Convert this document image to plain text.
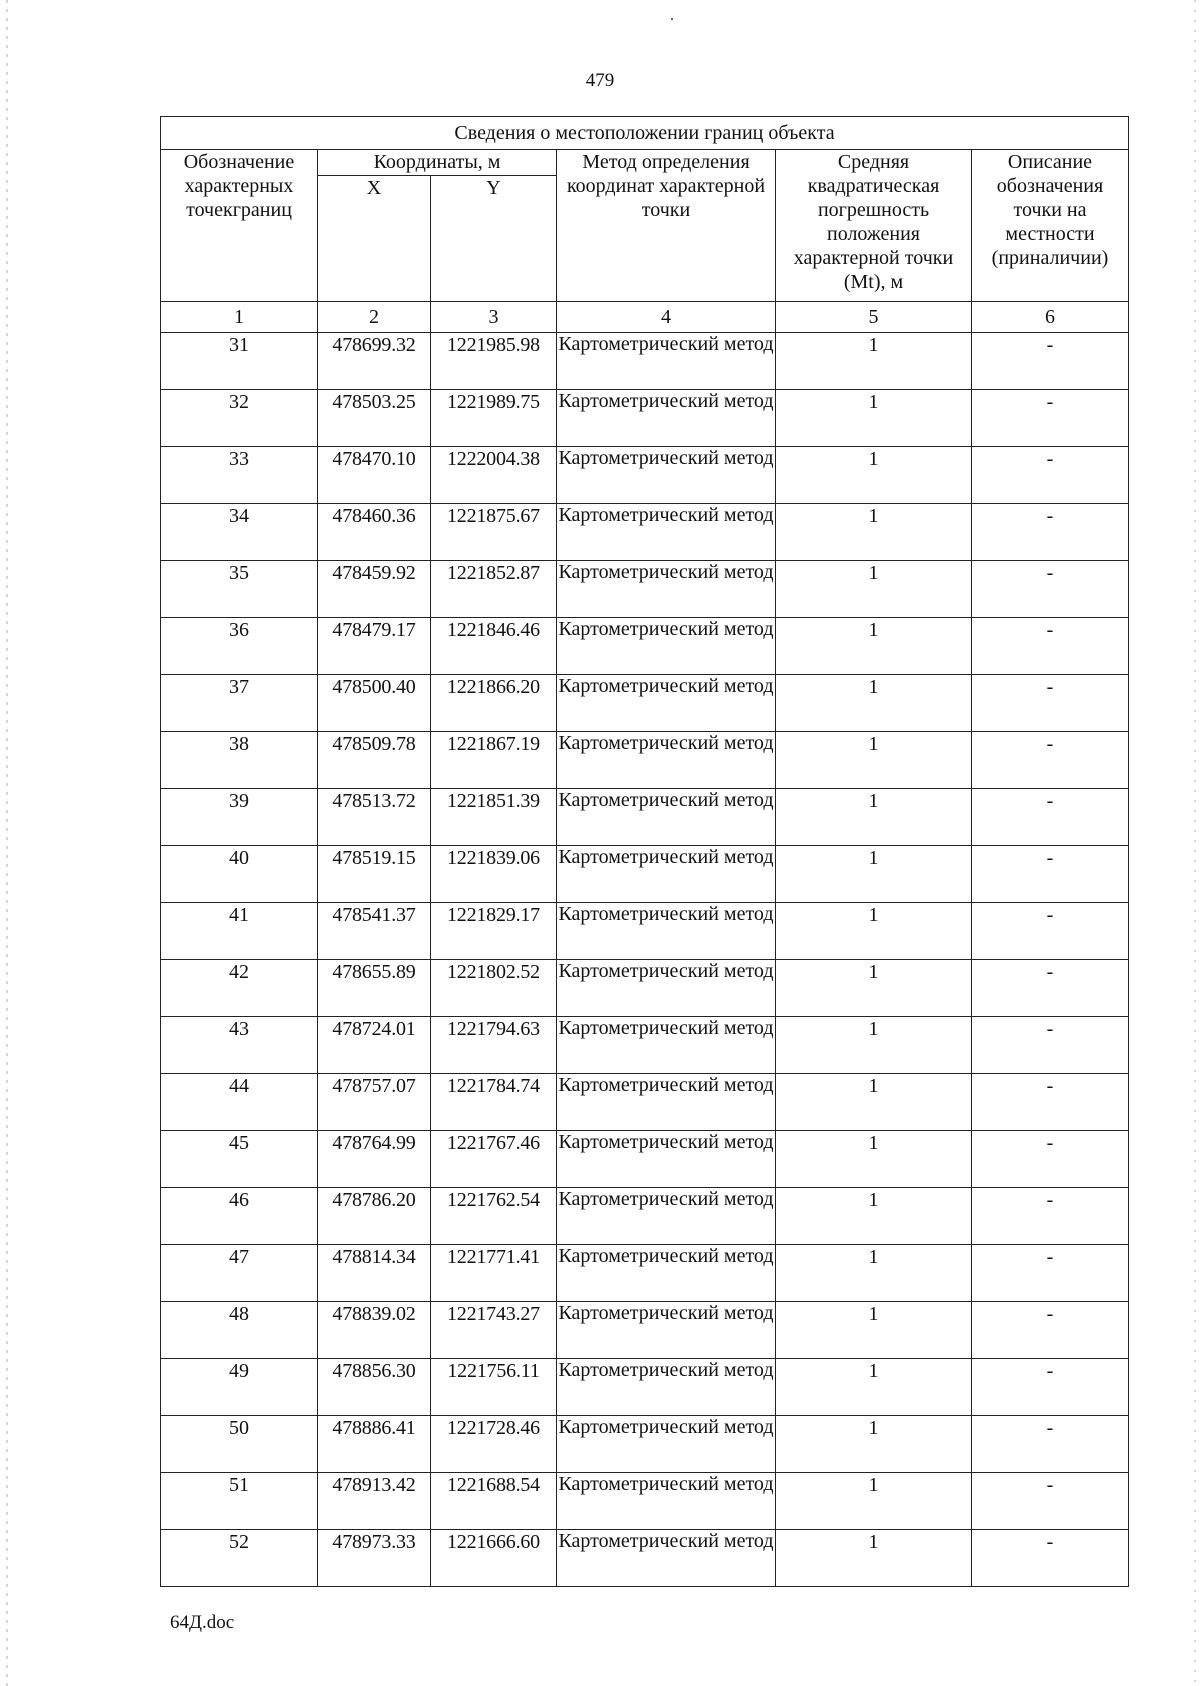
479
Сведения о местоположении границ объекта					
Обозначение характерных точекграниц	Координаты, м		Метод определения координат характерной точки	Средняя квадратическая погрешность положения характерной точки (Mt), м	Описание обозначения точки на местности (приналичии)
	X	Y			
1	2	3	4	5	6
31	478699.32	1221985.98	Картометрический метод	1	-
32	478503.25	1221989.75	Картометрический метод	1	-
33	478470.10	1222004.38	Картометрический метод	1	-
34	478460.36	1221875.67	Картометрический метод	1	-
35	478459.92	1221852.87	Картометрический метод	1	-
36	478479.17	1221846.46	Картометрический метод	1	-
37	478500.40	1221866.20	Картометрический метод	1	-
38	478509.78	1221867.19	Картометрический метод	1	-
39	478513.72	1221851.39	Картометрический метод	1	-
40	478519.15	1221839.06	Картометрический метод	1	-
41	478541.37	1221829.17	Картометрический метод	1	-
42	478655.89	1221802.52	Картометрический метод	1	-
43	478724.01	1221794.63	Картометрический метод	1	-
44	478757.07	1221784.74	Картометрический метод	1	-
45	478764.99	1221767.46	Картометрический метод	1	-
46	478786.20	1221762.54	Картометрический метод	1	-
47	478814.34	1221771.41	Картометрический метод	1	-
48	478839.02	1221743.27	Картометрический метод	1	-
49	478856.30	1221756.11	Картометрический метод	1	-
50	478886.41	1221728.46	Картометрический метод	1	-
51	478913.42	1221688.54	Картометрический метод	1	-
52	478973.33	1221666.60	Картометрический метод	1	-
64Д.doc
